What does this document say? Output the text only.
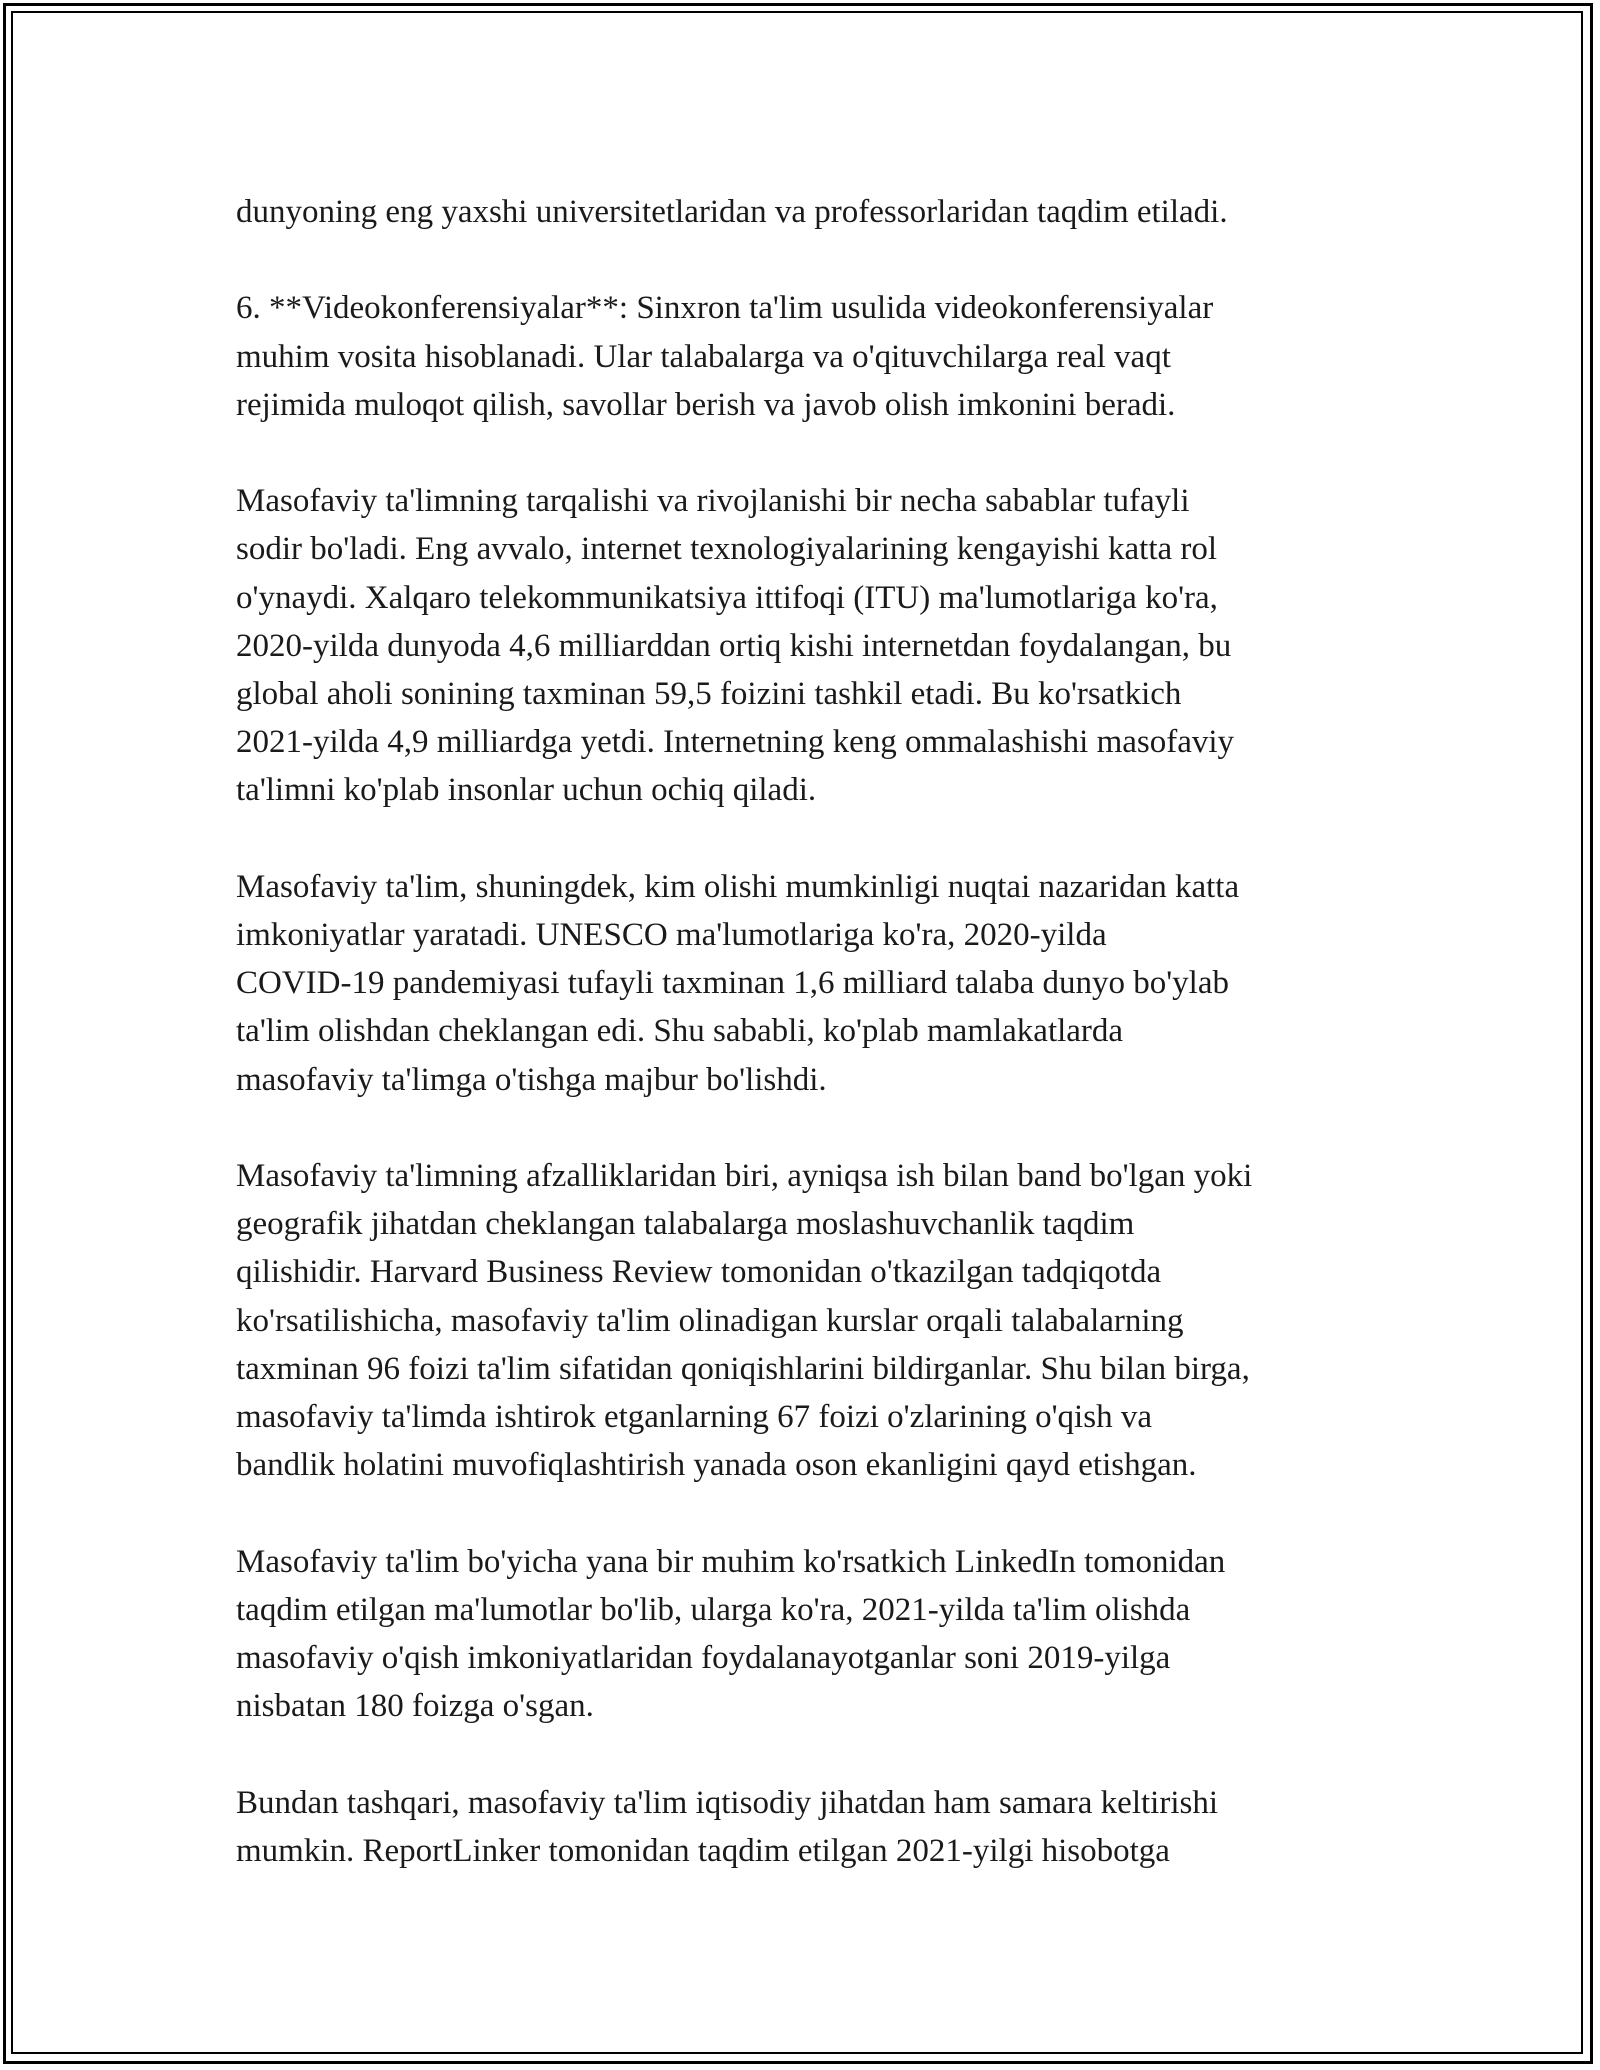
dunyoning eng yaxshi universitetlaridan va professorlaridan taqdim etiladi.

6. **Videokonferensiyalar**: Sinxron ta'lim usulida videokonferensiyalar
muhim vosita hisoblanadi. Ular talabalarga va o'qituvchilarga real vaqt
rejimida muloqot qilish, savollar berish va javob olish imkonini beradi.

Masofaviy ta'limning tarqalishi va rivojlanishi bir necha sabablar tufayli
sodir bo'ladi. Eng avvalo, internet texnologiyalarining kengayishi katta rol
o'ynaydi. Xalqaro telekommunikatsiya ittifoqi (ITU) ma'lumotlariga ko'ra,
2020-yilda dunyoda 4,6 milliarddan ortiq kishi internetdan foydalangan, bu
global aholi sonining taxminan 59,5 foizini tashkil etadi. Bu ko'rsatkich
2021-yilda 4,9 milliardga yetdi. Internetning keng ommalashishi masofaviy
ta'limni ko'plab insonlar uchun ochiq qiladi.

Masofaviy ta'lim, shuningdek, kim olishi mumkinligi nuqtai nazaridan katta
imkoniyatlar yaratadi. UNESCO ma'lumotlariga ko'ra, 2020-yilda
COVID-19 pandemiyasi tufayli taxminan 1,6 milliard talaba dunyo bo'ylab
ta'lim olishdan cheklangan edi. Shu sababli, ko'plab mamlakatlarda
masofaviy ta'limga o'tishga majbur bo'lishdi.

Masofaviy ta'limning afzalliklaridan biri, ayniqsa ish bilan band bo'lgan yoki
geografik jihatdan cheklangan talabalarga moslashuvchanlik taqdim
qilishidir. Harvard Business Review tomonidan o'tkazilgan tadqiqotda
ko'rsatilishicha, masofaviy ta'lim olinadigan kurslar orqali talabalarning
taxminan 96 foizi ta'lim sifatidan qoniqishlarini bildirganlar. Shu bilan birga,
masofaviy ta'limda ishtirok etganlarning 67 foizi o'zlarining o'qish va
bandlik holatini muvofiqlashtirish yanada oson ekanligini qayd etishgan.

Masofaviy ta'lim bo'yicha yana bir muhim ko'rsatkich LinkedIn tomonidan
taqdim etilgan ma'lumotlar bo'lib, ularga ko'ra, 2021-yilda ta'lim olishda
masofaviy o'qish imkoniyatlaridan foydalanayotganlar soni 2019-yilga
nisbatan 180 foizga o'sgan.

Bundan tashqari, masofaviy ta'lim iqtisodiy jihatdan ham samara keltirishi
mumkin. ReportLinker tomonidan taqdim etilgan 2021-yilgi hisobotga
